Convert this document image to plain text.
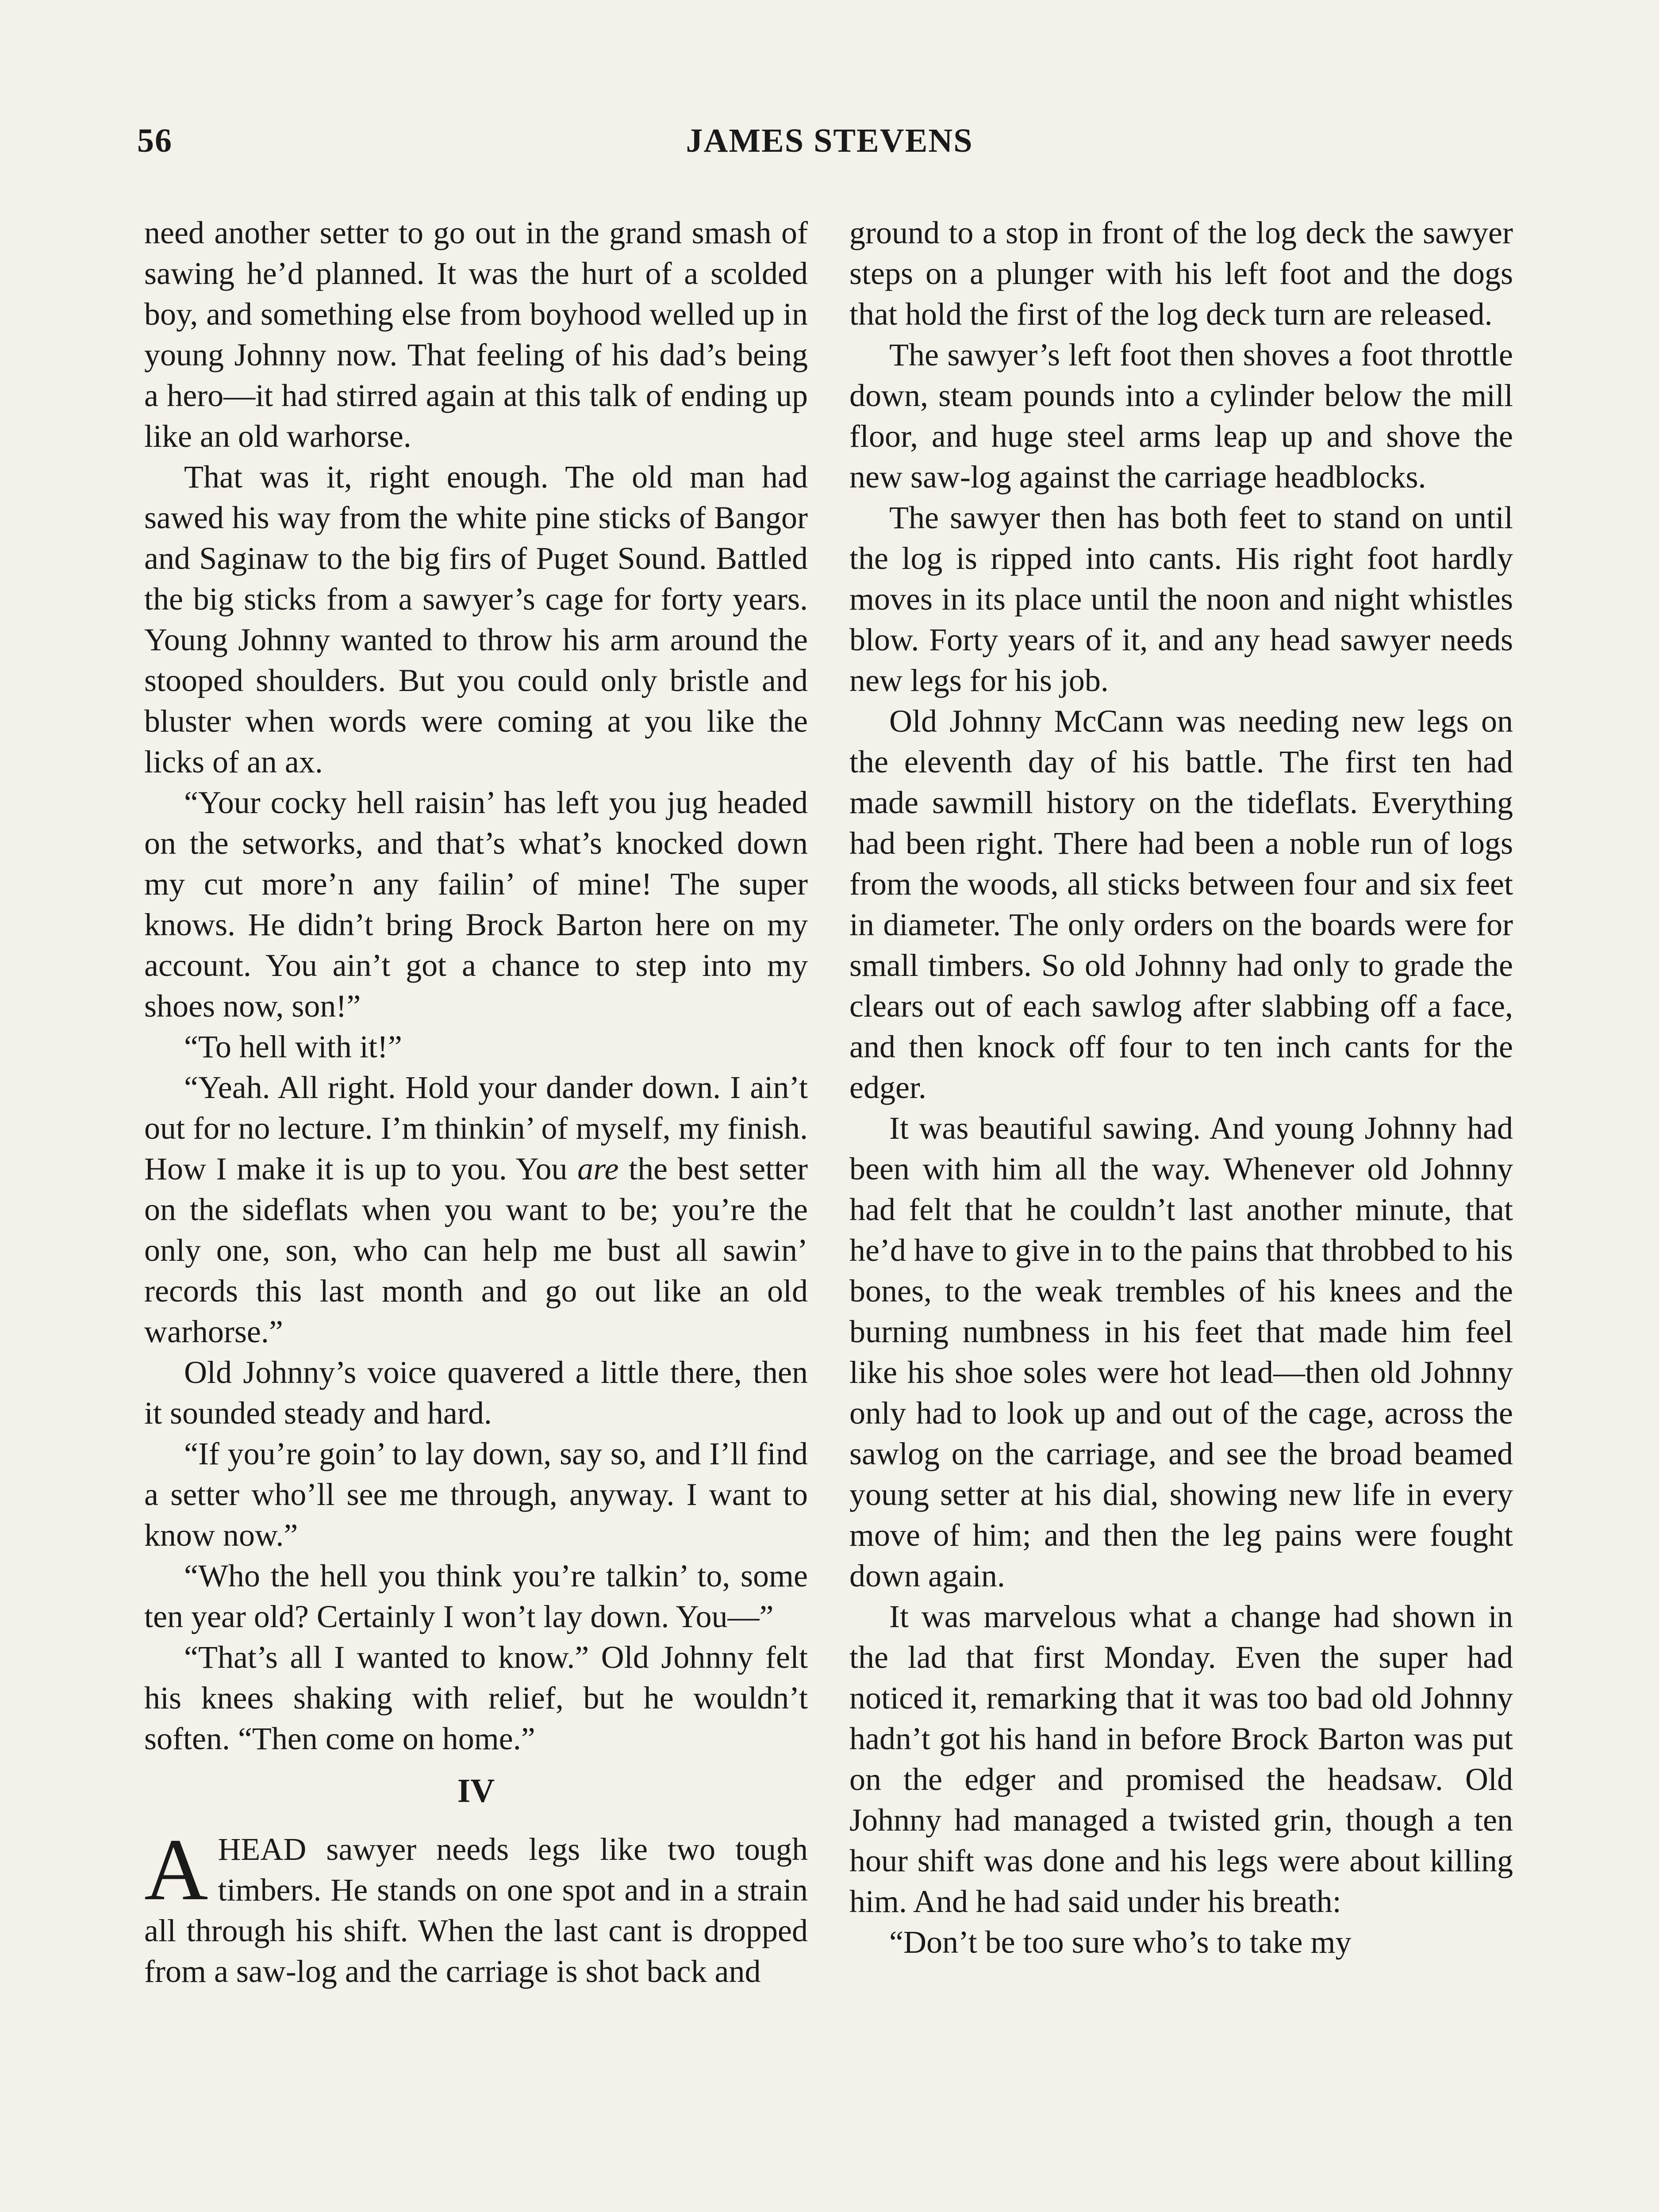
56	JAMES STEVENS

need another setter to go out in the grand smash of sawing he’d planned. It was the hurt of a scolded boy, and something else from boyhood welled up in young Johnny now. That feeling of his dad’s being a hero—it had stirred again at this talk of ending up like an old warhorse.

That was it, right enough. The old man had sawed his way from the white pine sticks of Bangor and Saginaw to the big firs of Puget Sound. Battled the big sticks from a sawyer’s cage for forty years. Young Johnny wanted to throw his arm around the stooped shoulders. But you could only bristle and bluster when words were coming at you like the licks of an ax.

“Your cocky hell raisin’ has left you jug headed on the setworks, and that’s what’s knocked down my cut more’n any failin’ of mine! The super knows. He didn’t bring Brock Barton here on my account. You ain’t got a chance to step into my shoes now, son!”

“To hell with it!”

“Yeah. All right. Hold your dander down. I ain’t out for no lecture. I’m thinkin’ of myself, my finish. How I make it is up to you. You are the best setter on the sideflats when you want to be; you’re the only one, son, who can help me bust all sawin’ records this last month and go out like an old warhorse.”

Old Johnny’s voice quavered a little there, then it sounded steady and hard.

“If you’re goin’ to lay down, say so, and I’ll find a setter who’ll see me through, anyway. I want to know now.”

“Who the hell you think you’re talkin’ to, some ten year old? Certainly I won’t lay down. You—”

“That’s all I wanted to know.” Old Johnny felt his knees shaking with relief, but he wouldn’t soften. “Then come on home.”

IV

AHEAD sawyer needs legs like two tough timbers. He stands on one spot and in a strain all through his shift. When the last cant is dropped from a saw-log and the carriage is shot back and

ground to a stop in front of the log deck the sawyer steps on a plunger with his left foot and the dogs that hold the first of the log deck turn are released.

The sawyer’s left foot then shoves a foot throttle down, steam pounds into a cylinder below the mill floor, and huge steel arms leap up and shove the new saw-log against the carriage headblocks.

The sawyer then has both feet to stand on until the log is ripped into cants. His right foot hardly moves in its place until the noon and night whistles blow. Forty years of it, and any head sawyer needs new legs for his job.

Old Johnny McCann was needing new legs on the eleventh day of his battle. The first ten had made sawmill history on the tideflats. Everything had been right. There had been a noble run of logs from the woods, all sticks between four and six feet in diameter. The only orders on the boards were for small timbers. So old Johnny had only to grade the clears out of each sawlog after slabbing off a face, and then knock off four to ten inch cants for the edger.

It was beautiful sawing. And young Johnny had been with him all the way. Whenever old Johnny had felt that he couldn’t last another minute, that he’d have to give in to the pains that throbbed to his bones, to the weak trembles of his knees and the burning numbness in his feet that made him feel like his shoe soles were hot lead—then old Johnny only had to look up and out of the cage, across the sawlog on the carriage, and see the broad beamed young setter at his dial, showing new life in every move of him; and then the leg pains were fought down again.

It was marvelous what a change had shown in the lad that first Monday. Even the super had noticed it, remarking that it was too bad old Johnny hadn’t got his hand in before Brock Barton was put on the edger and promised the headsaw. Old Johnny had managed a twisted grin, though a ten hour shift was done and his legs were about killing him. And he had said under his breath:

“Don’t be too sure who’s to take my
